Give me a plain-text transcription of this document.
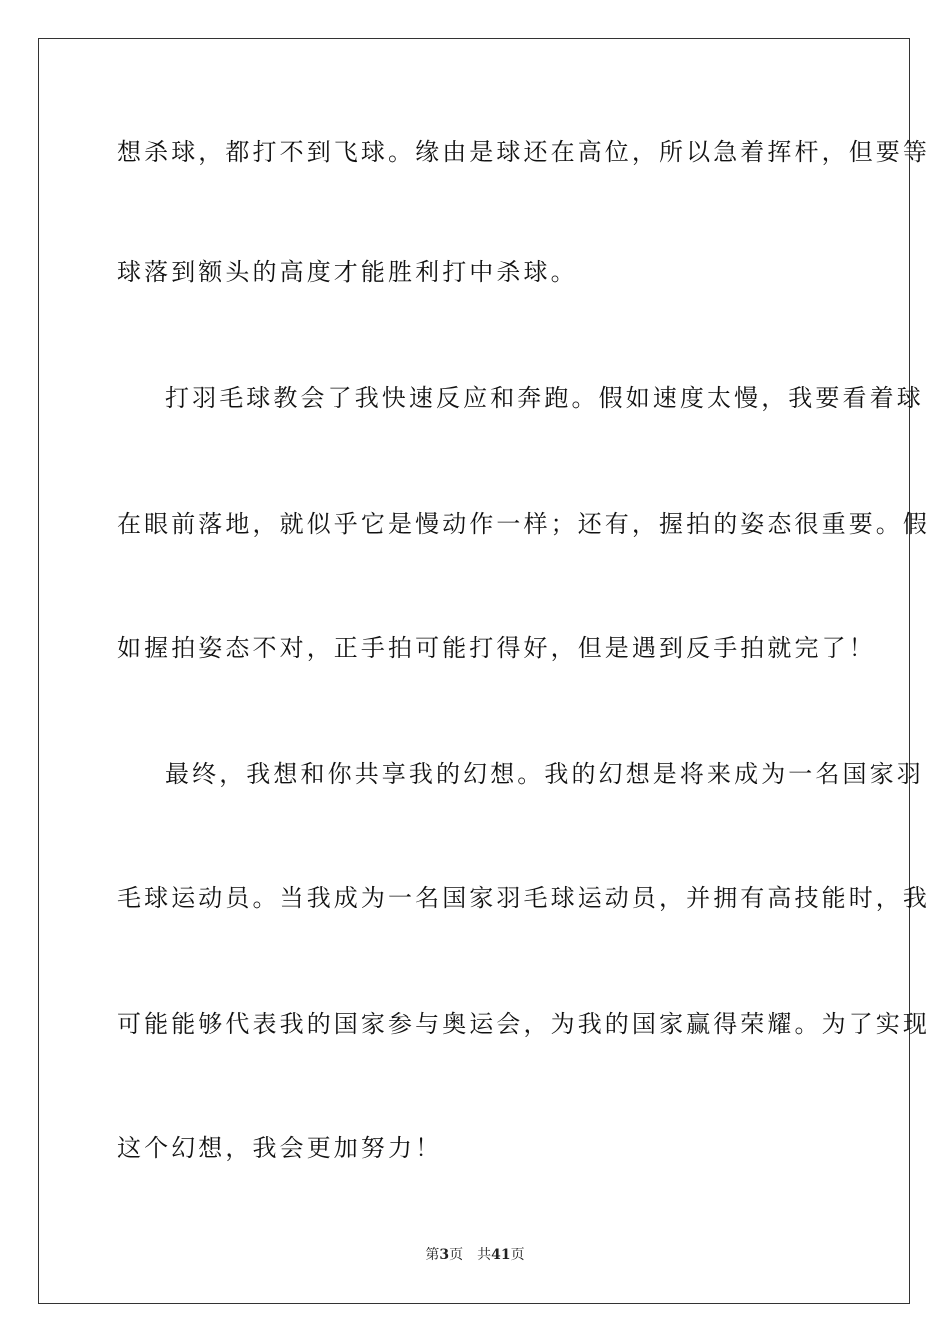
想杀球，都打不到飞球。缘由是球还在高位，所以急着挥杆，但要等
球落到额头的高度才能胜利打中杀球。
打羽毛球教会了我快速反应和奔跑。假如速度太慢，我要看着球
在眼前落地，就似乎它是慢动作一样；还有，握拍的姿态很重要。假
如握拍姿态不对，正手拍可能打得好，但是遇到反手拍就完了！
最终，我想和你共享我的幻想。我的幻想是将来成为一名国家羽
毛球运动员。当我成为一名国家羽毛球运动员，并拥有高技能时，我
可能能够代表我的国家参与奥运会，为我的国家赢得荣耀。为了实现
这个幻想，我会更加努力！
第3页 共41页
